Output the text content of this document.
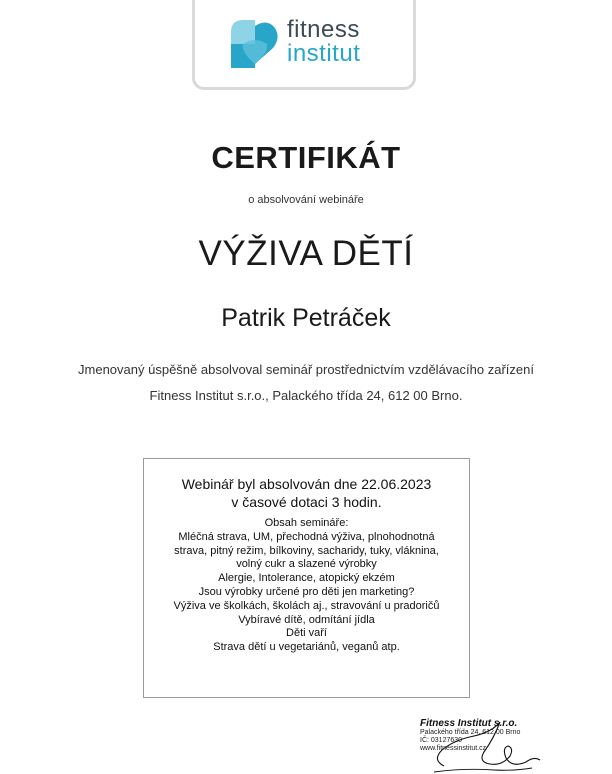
fitness
institut
CERTIFIKÁT
o absolvování webináře
VÝŽIVA DĚTÍ
Patrik Petráček
Jmenovaný úspěšně absolvoval seminář prostřednictvím vzdělávacího zařízení
Fitness Institut s.r.o., Palackého třída 24, 612 00 Brno.
Webinář byl absolvován dne 22.06.2023
v časové dotaci 3 hodin.
Obsah semináře:
Mléčná strava, UM, přechodná výživa, plnohodnotná
strava, pitný režim, bílkoviny, sacharidy, tuky, vláknina,
volný cukr a slazené výrobky
Alergie, Intolerance, atopický ekzém
Jsou výrobky určené pro děti jen marketing?
Výživa ve školkách, školách aj., stravování u pradoričů
Vybíravé dítě, odmítání jídla
Děti vaří
Strava dětí u vegetariánů, veganů atp.
Fitness Institut s.r.o.
Palackého třída 24, 612 00 Brno
IČ: 03127630
www.fitnessinstitut.cz
